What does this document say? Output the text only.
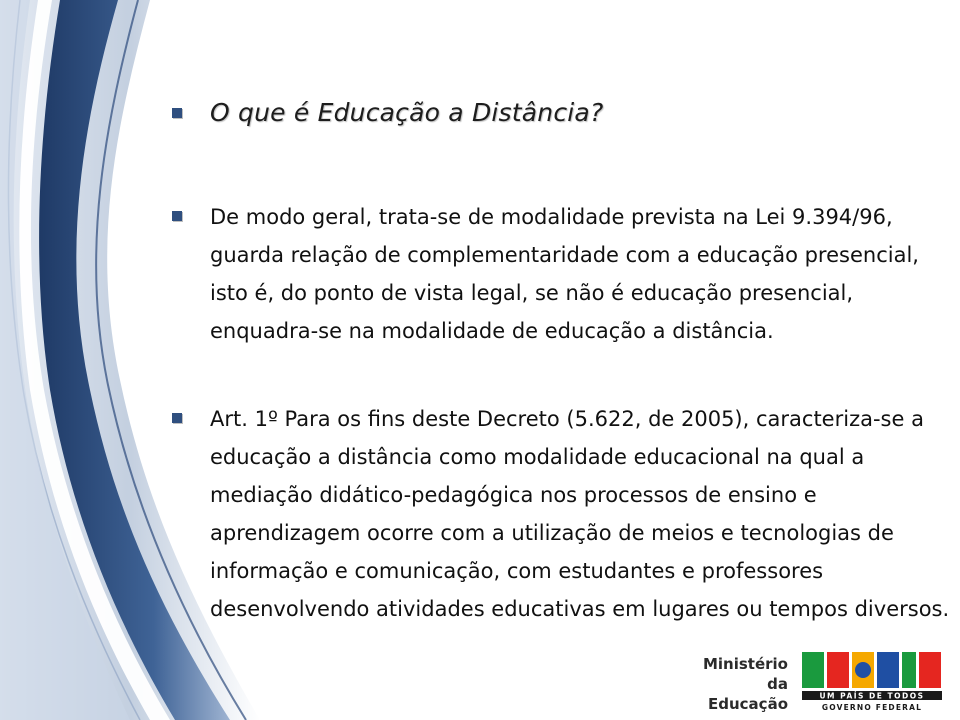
O que é Educação a Distância?
De modo geral, trata-se de modalidade prevista na Lei 9.394/96, guarda relação de complementaridade com a educação presencial, isto é, do ponto de vista legal, se não é educação presencial, enquadra-se na modalidade de educação a distância.
Art. 1º Para os fins deste Decreto (5.622, de 2005), caracteriza-se a educação a distância como modalidade educacional na qual a mediação didático-pedagógica nos processos de ensino e aprendizagem ocorre com a utilização de meios e tecnologias de informação e comunicação, com estudantes e professores desenvolvendo atividades educativas em lugares ou tempos diversos.
Ministério
da Educação	UM PAÍS DE TODOS
GOVERNO FEDERAL
